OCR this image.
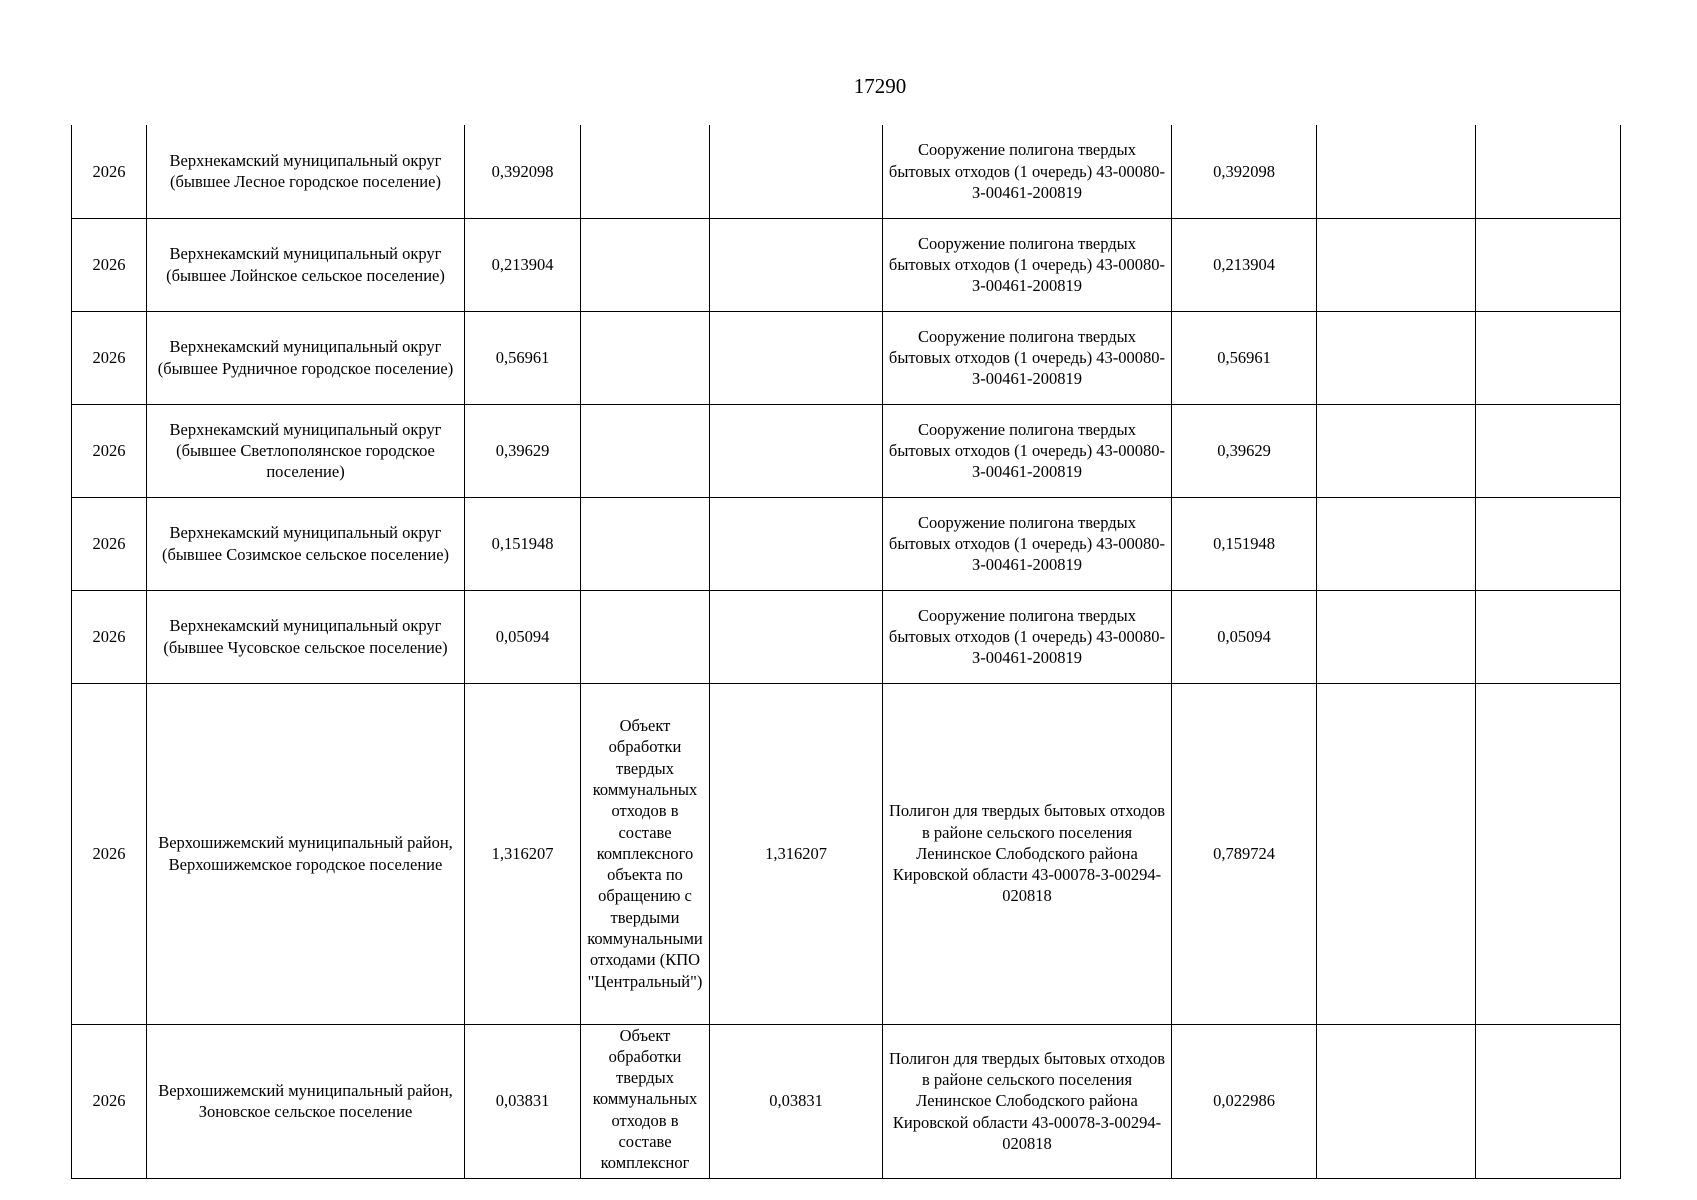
17290
2026	Верхнекамский муниципальный округ (бывшее Лесное городское поселение)	0,392098			Сооружение полигона твердых бытовых отходов (1 очередь) 43-00080-З-00461-200819	0,392098		
2026	Верхнекамский муниципальный округ (бывшее Лойнское сельское поселение)	0,213904			Сооружение полигона твердых бытовых отходов (1 очередь) 43-00080-З-00461-200819	0,213904		
2026	Верхнекамский муниципальный округ (бывшее Рудничное городское поселение)	0,56961			Сооружение полигона твердых бытовых отходов (1 очередь) 43-00080-З-00461-200819	0,56961		
2026	Верхнекамский муниципальный округ (бывшее Светлополянское городское поселение)	0,39629			Сооружение полигона твердых бытовых отходов (1 очередь) 43-00080-З-00461-200819	0,39629		
2026	Верхнекамский муниципальный округ (бывшее Созимское сельское поселение)	0,151948			Сооружение полигона твердых бытовых отходов (1 очередь) 43-00080-З-00461-200819	0,151948		
2026	Верхнекамский муниципальный округ (бывшее Чусовское сельское поселение)	0,05094			Сооружение полигона твердых бытовых отходов (1 очередь) 43-00080-З-00461-200819	0,05094		
2026	Верхошижемский муниципальный район, Верхошижемское городское поселение	1,316207	Объект обработки твердых коммунальных отходов в составе комплексного объекта по обращению с твердыми коммунальными отходами (КПО "Центральный")	1,316207	Полигон для твердых бытовых отходов в районе сельского поселения Ленинское Слободского района Кировской области 43-00078-З-00294-020818	0,789724		
2026	Верхошижемский муниципальный район, Зоновское сельское поселение	0,03831	Объект обработки твердых коммунальных отходов в составе комплексног	0,03831	Полигон для твердых бытовых отходов в районе сельского поселения Ленинское Слободского района Кировской области 43-00078-З-00294-020818	0,022986		
